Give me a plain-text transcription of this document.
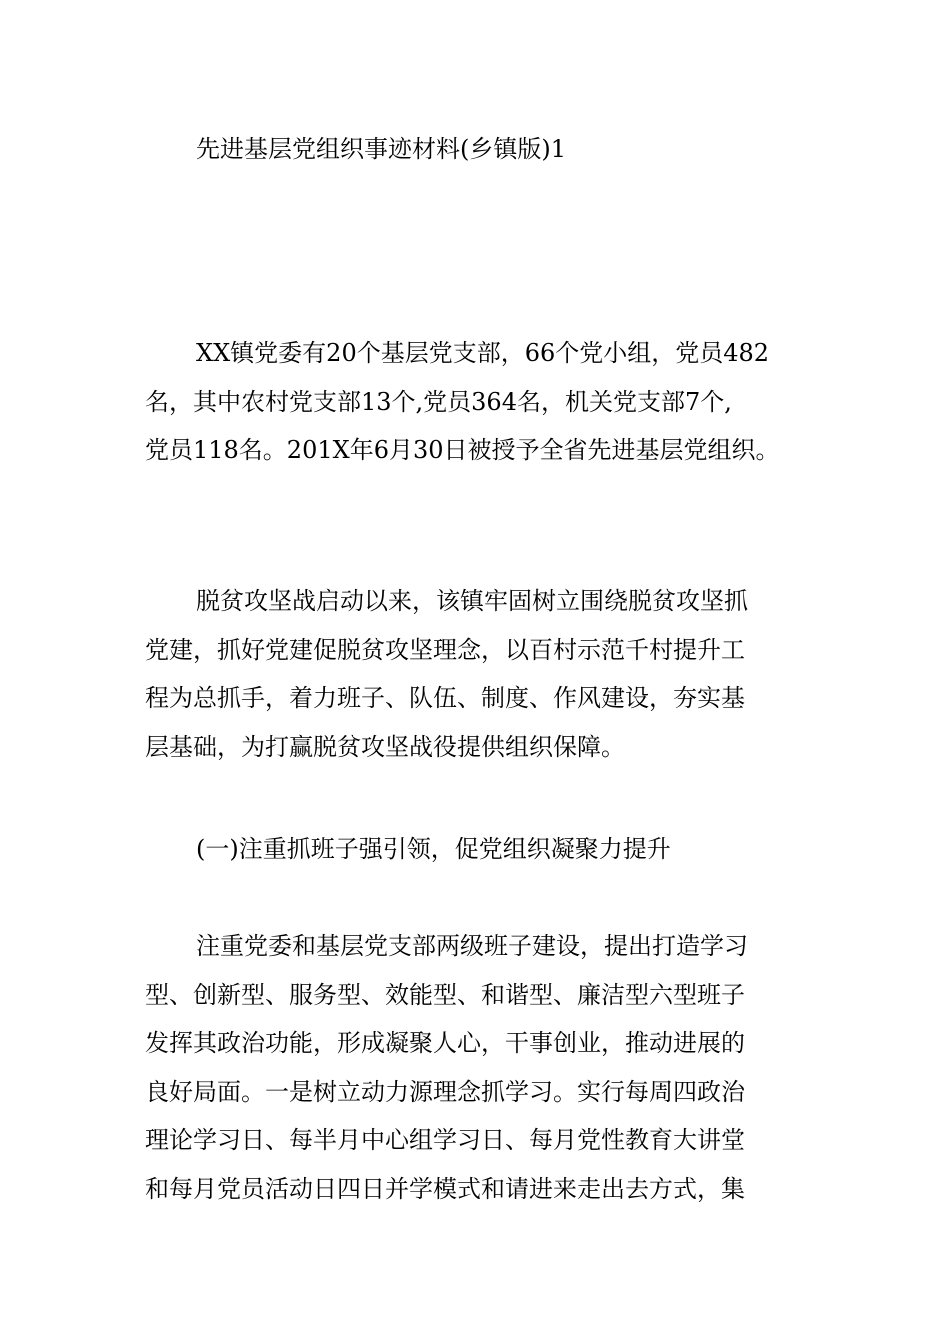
先进基层党组织事迹材料(乡镇版)1
XX镇党委有20个基层党支部，66个党小组，党员482
名，其中农村党支部13个,党员364名，机关党支部7个,
党员118名。201X年6月30日被授予全省先进基层党组织。
脱贫攻坚战启动以来，该镇牢固树立围绕脱贫攻坚抓
党建，抓好党建促脱贫攻坚理念，以百村示范千村提升工
程为总抓手，着力班子、队伍、制度、作风建设，夯实基
层基础，为打赢脱贫攻坚战役提供组织保障。
(一)注重抓班子强引领，促党组织凝聚力提升
注重党委和基层党支部两级班子建设，提出打造学习
型、创新型、服务型、效能型、和谐型、廉洁型六型班子
发挥其政治功能，形成凝聚人心，干事创业，推动进展的
良好局面。一是树立动力源理念抓学习。实行每周四政治
理论学习日、每半月中心组学习日、每月党性教育大讲堂
和每月党员活动日四日并学模式和请进来走出去方式，集
